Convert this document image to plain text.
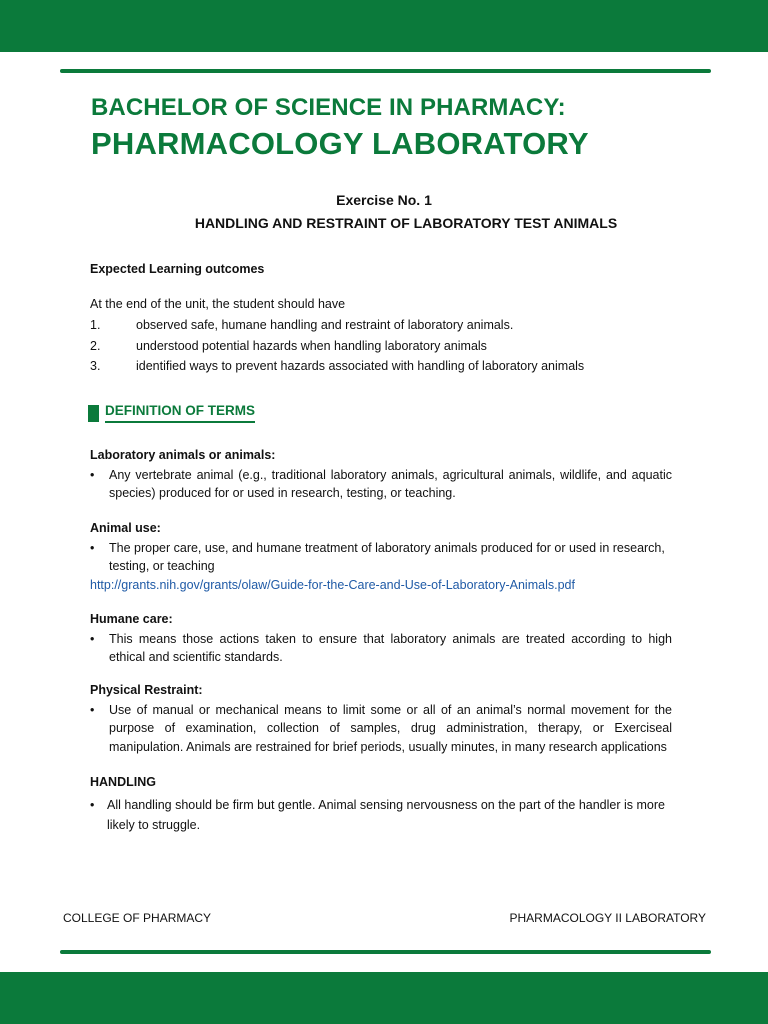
BACHELOR OF SCIENCE IN PHARMACY:
PHARMACOLOGY LABORATORY
Exercise No. 1
HANDLING AND RESTRAINT OF LABORATORY TEST ANIMALS
Expected Learning outcomes
At the end of the unit, the student should have
1.	observed safe, humane handling and restraint of laboratory animals.
2.	understood potential hazards when handling laboratory animals
3.	identified ways to prevent hazards associated with handling of laboratory animals
DEFINITION OF TERMS
Laboratory animals or animals:
• Any vertebrate animal (e.g., traditional laboratory animals, agricultural animals, wildlife, and aquatic species) produced for or used in research, testing, or teaching.
Animal use:
• The proper care, use, and humane treatment of laboratory animals produced for or used in research, testing, or teaching
http://grants.nih.gov/grants/olaw/Guide-for-the-Care-and-Use-of-Laboratory-Animals.pdf
Humane care:
• This means those actions taken to ensure that laboratory animals are treated according to high ethical and scientific standards.
Physical Restraint:
• Use of manual or mechanical means to limit some or all of an animal’s normal movement for the purpose of examination, collection of samples, drug administration, therapy, or Exerciseal manipulation. Animals are restrained for brief periods, usually minutes, in many research applications
HANDLING
• All handling should be firm but gentle. Animal sensing nervousness on the part of the handler is more likely to struggle.
COLLEGE OF PHARMACY	PHARMACOLOGY II LABORATORY
